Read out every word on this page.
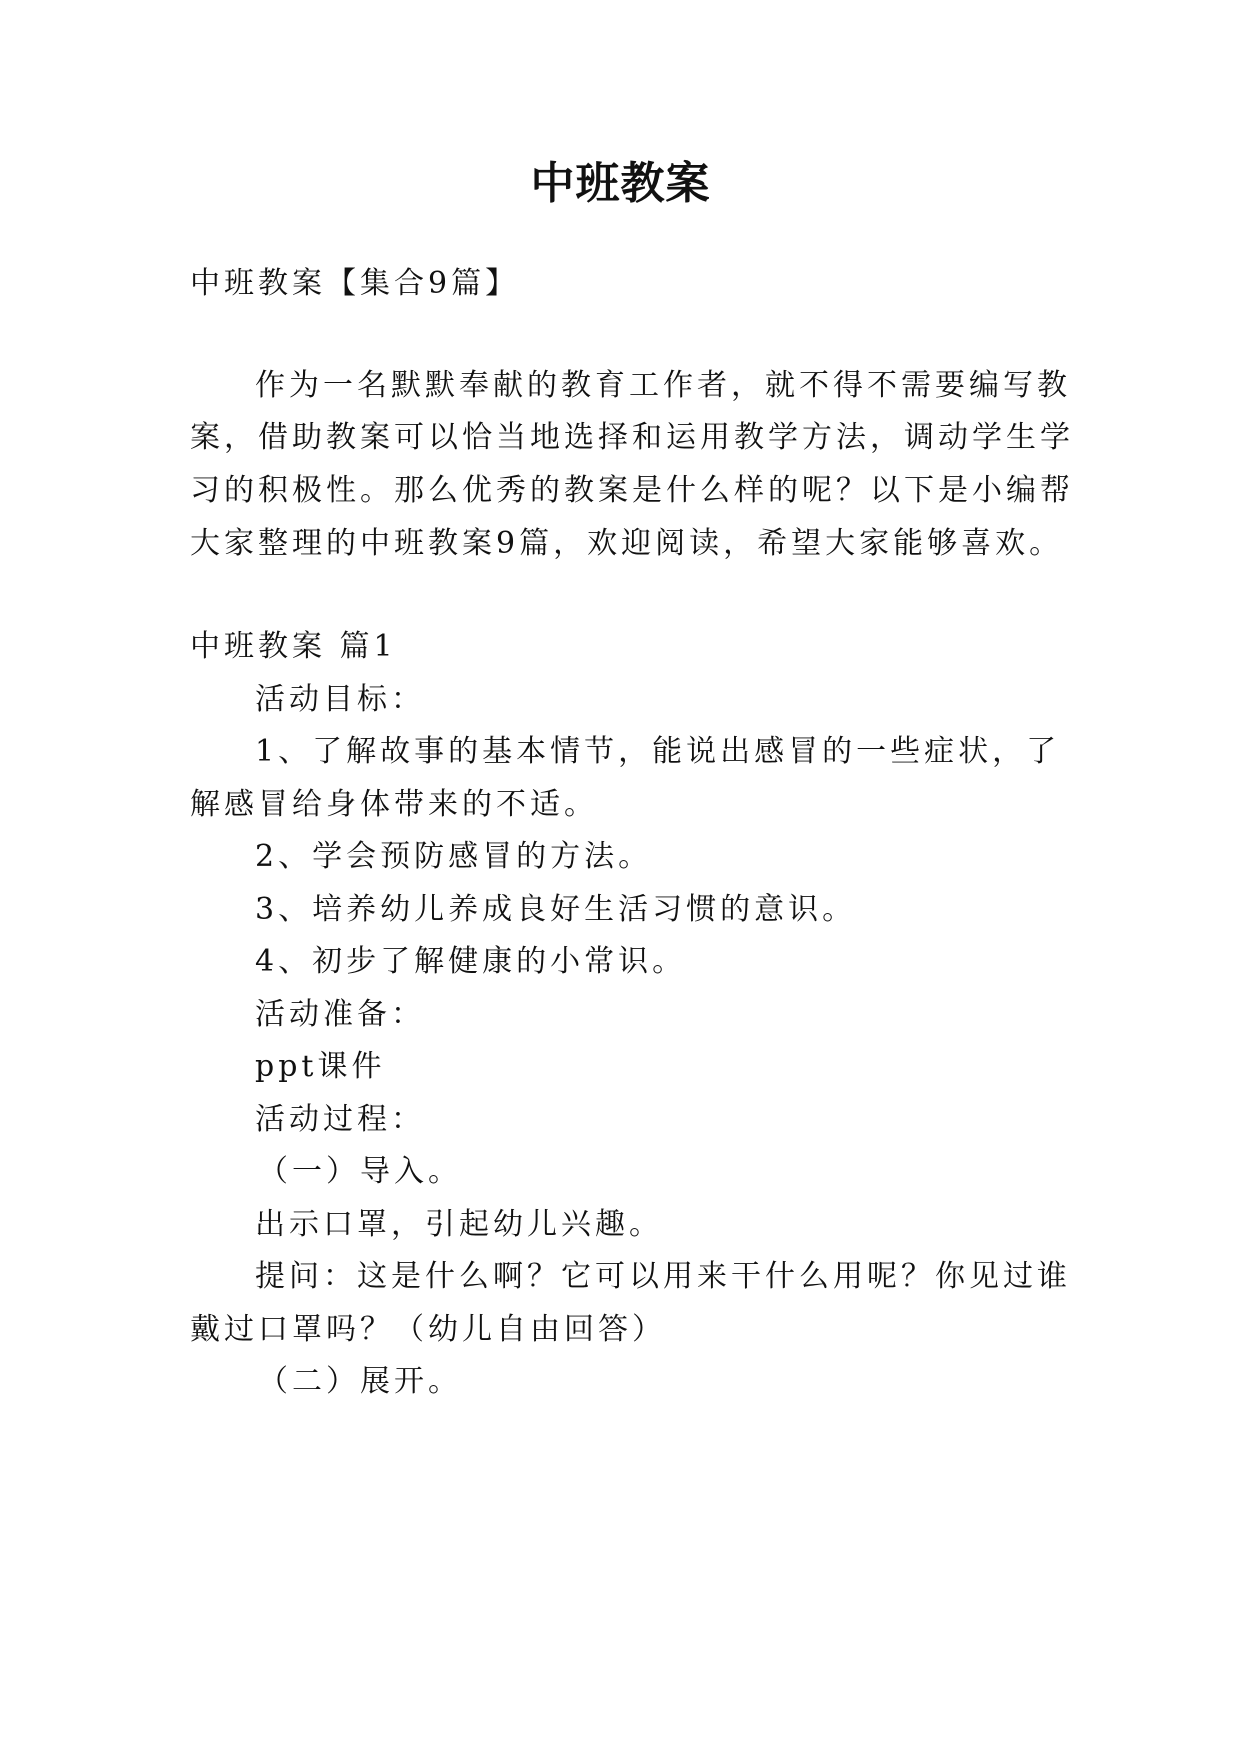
中班教案
中班教案【集合9篇】
作为一名默默奉献的教育工作者，就不得不需要编写教
案，借助教案可以恰当地选择和运用教学方法，调动学生学
习的积极性。那么优秀的教案是什么样的呢？以下是小编帮
大家整理的中班教案9篇，欢迎阅读，希望大家能够喜欢。
中班教案 篇1
活动目标：
1、了解故事的基本情节，能说出感冒的一些症状，了
解感冒给身体带来的不适。
2、学会预防感冒的方法。
3、培养幼儿养成良好生活习惯的意识。
4、初步了解健康的小常识。
活动准备：
ppt课件
活动过程：
（一）导入。
出示口罩，引起幼儿兴趣。
提问：这是什么啊？它可以用来干什么用呢？你见过谁
戴过口罩吗？（幼儿自由回答）
（二）展开。
